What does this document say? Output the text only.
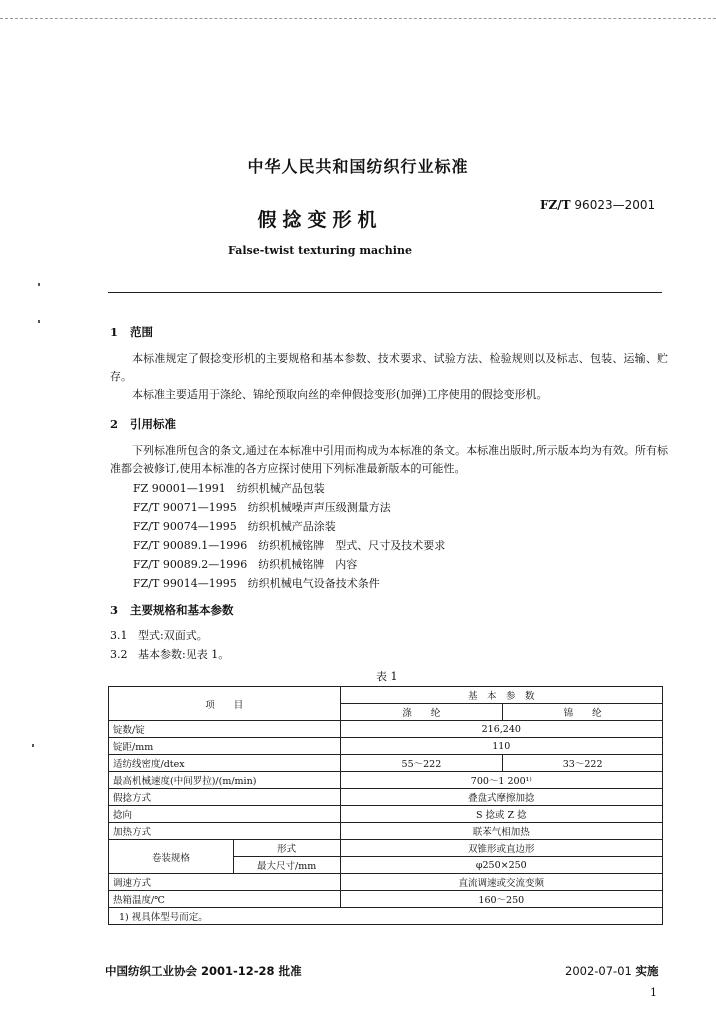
中华人民共和国纺织行业标准
FZ/T 96023—2001
假捻变形机
False-twist texturing machine
1 范围
本标准规定了假捻变形机的主要规格和基本参数、技术要求、试验方法、检验规则以及标志、包装、运输、贮存。
本标准主要适用于涤纶、锦纶预取向丝的牵伸假捻变形(加弹)工序使用的假捻变形机。
2 引用标准
下列标准所包含的条文,通过在本标准中引用而构成为本标准的条文。本标准出版时,所示版本均为有效。所有标准都会被修订,使用本标准的各方应探讨使用下列标准最新版本的可能性。
FZ 90001—1991　纺织机械产品包装
FZ/T 90071—1995　纺织机械噪声声压级测量方法
FZ/T 90074—1995　纺织机械产品涂装
FZ/T 90089.1—1996　纺织机械铭牌　型式、尺寸及技术要求
FZ/T 90089.2—1996　纺织机械铭牌　内容
FZ/T 99014—1995　纺织机械电气设备技术条件
3 主要规格和基本参数
3.1 型式:双面式。
3.2 基本参数:见表 1。
表 1
项　　目		基　本　参　数	
		涤　　纶	锦　　纶
锭数/锭		216,240	
锭距/mm		110	
适纺线密度/dtex		55～222	33～222
最高机械速度(中间罗拉)/(m/min)		700～1 200¹⁾	
假捻方式		叠盘式摩擦加捻	
捻向		S 捻或 Z 捻	
加热方式		联苯气相加热	
卷装规格	形式	双锥形或直边形	
	最大尺寸/mm	φ250×250	
调速方式		直流调速或交流变频	
热箱温度/℃		160～250	
1) 视具体型号而定。			
中国纺织工业协会 2001-12-28 批准	2002-07-01 实施
1
